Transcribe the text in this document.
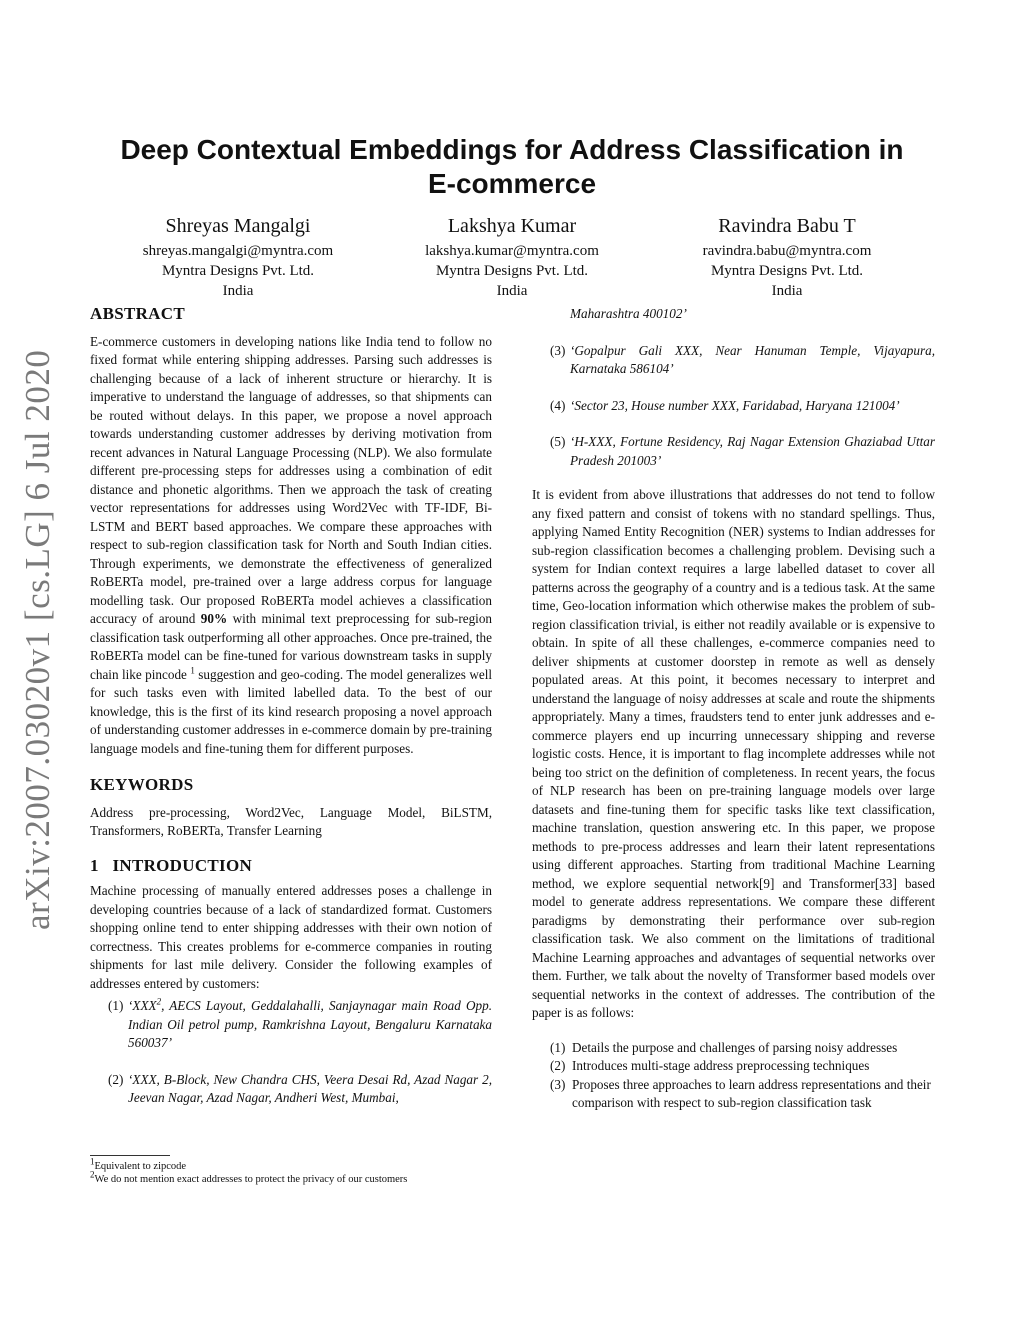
arXiv:2007.03020v1 [cs.LG] 6 Jul 2020
Deep Contextual Embeddings for Address Classification in
E-commerce
Shreyas Mangalgi
shreyas.mangalgi@myntra.com
Myntra Designs Pvt. Ltd.
India
Lakshya Kumar
lakshya.kumar@myntra.com
Myntra Designs Pvt. Ltd.
India
Ravindra Babu T
ravindra.babu@myntra.com
Myntra Designs Pvt. Ltd.
India
ABSTRACT

E-commerce customers in developing nations like India tend to follow no fixed format while entering shipping addresses. Parsing such addresses is challenging because of a lack of inherent structure or hierarchy. It is imperative to understand the language of addresses, so that shipments can be routed without delays. In this paper, we propose a novel approach towards understanding customer addresses by deriving motivation from recent advances in Natural Language Processing (NLP). We also formulate different pre-processing steps for addresses using a combination of edit distance and phonetic algorithms. Then we approach the task of creating vector representations for addresses using Word2Vec with TF-IDF, Bi-LSTM and BERT based approaches. We compare these approaches with respect to sub-region classification task for North and South Indian cities. Through experiments, we demonstrate the effectiveness of generalized RoBERTa model, pre-trained over a large address corpus for language modelling task. Our proposed RoBERTa model achieves a classification accuracy of around 90% with minimal text preprocessing for sub-region classification task outperforming all other approaches. Once pre-trained, the RoBERTa model can be fine-tuned for various downstream tasks in supply chain like pincode $^1$ suggestion and geo-coding. The model generalizes well for such tasks even with limited labelled data. To the best of our knowledge, this is the first of its kind research proposing a novel approach of understanding customer addresses in e-commerce domain by pre-training language models and fine-tuning them for different purposes.

KEYWORDS

Address pre-processing, Word2Vec, Language Model, BiLSTM, Transformers, RoBERTa, Transfer Learning

1   INTRODUCTION

Machine processing of manually entered addresses poses a challenge in developing countries because of a lack of standardized format. Customers shopping online tend to enter shipping addresses with their own notion of correctness. This creates problems for e-commerce companies in routing shipments for last mile delivery. Consider the following examples of addresses entered by customers:

(1) ‘XXX$^2$, AECS Layout, Geddalahalli, Sanjaynagar main Road Opp. Indian Oil petrol pump, Ramkrishna Layout, Bengaluru Karnataka 560037’
(2) ‘XXX, B-Block, New Chandra CHS, Veera Desai Rd, Azad Nagar 2, Jeevan Nagar, Azad Nagar, Andheri West, Mumbai,
$^1$Equivalent to zipcode
$^2$We do not mention exact addresses to protect the privacy of our customers
Maharashtra 400102’
(3) ‘Gopalpur Gali XXX, Near Hanuman Temple, Vijayapura, Karnataka 586104’
(4) ‘Sector 23, House number XXX, Faridabad, Haryana 121004’
(5) ‘H-XXX, Fortune Residency, Raj Nagar Extension Ghaziabad Uttar Pradesh 201003’

It is evident from above illustrations that addresses do not tend to follow any fixed pattern and consist of tokens with no standard spellings. Thus, applying Named Entity Recognition (NER) systems to Indian addresses for sub-region classification becomes a challenging problem. Devising such a system for Indian context requires a large labelled dataset to cover all patterns across the geography of a country and is a tedious task. At the same time, Geo-location information which otherwise makes the problem of sub-region classification trivial, is either not readily available or is expensive to obtain. In spite of all these challenges, e-commerce companies need to deliver shipments at customer doorstep in remote as well as densely populated areas. At this point, it becomes necessary to interpret and understand the language of noisy addresses at scale and route the shipments appropriately. Many a times, fraudsters tend to enter junk addresses and e-commerce players end up incurring unnecessary shipping and reverse logistic costs. Hence, it is important to flag incomplete addresses while not being too strict on the definition of completeness. In recent years, the focus of NLP research has been on pre-training language models over large datasets and fine-tuning them for specific tasks like text classification, machine translation, question answering etc. In this paper, we propose methods to pre-process addresses and learn their latent representations using different approaches. Starting from traditional Machine Learning method, we explore sequential network[9] and Transformer[33] based model to generate address representations. We compare these different paradigms by demonstrating their performance over sub-region classification task. We also comment on the limitations of traditional Machine Learning approaches and advantages of sequential networks over them. Further, we talk about the novelty of Transformer based models over sequential networks in the context of addresses. The contribution of the paper is as follows:

(1) Details the purpose and challenges of parsing noisy addresses
(2) Introduces multi-stage address preprocessing techniques
(3) Proposes three approaches to learn address representations and their comparison with respect to sub-region classification task
